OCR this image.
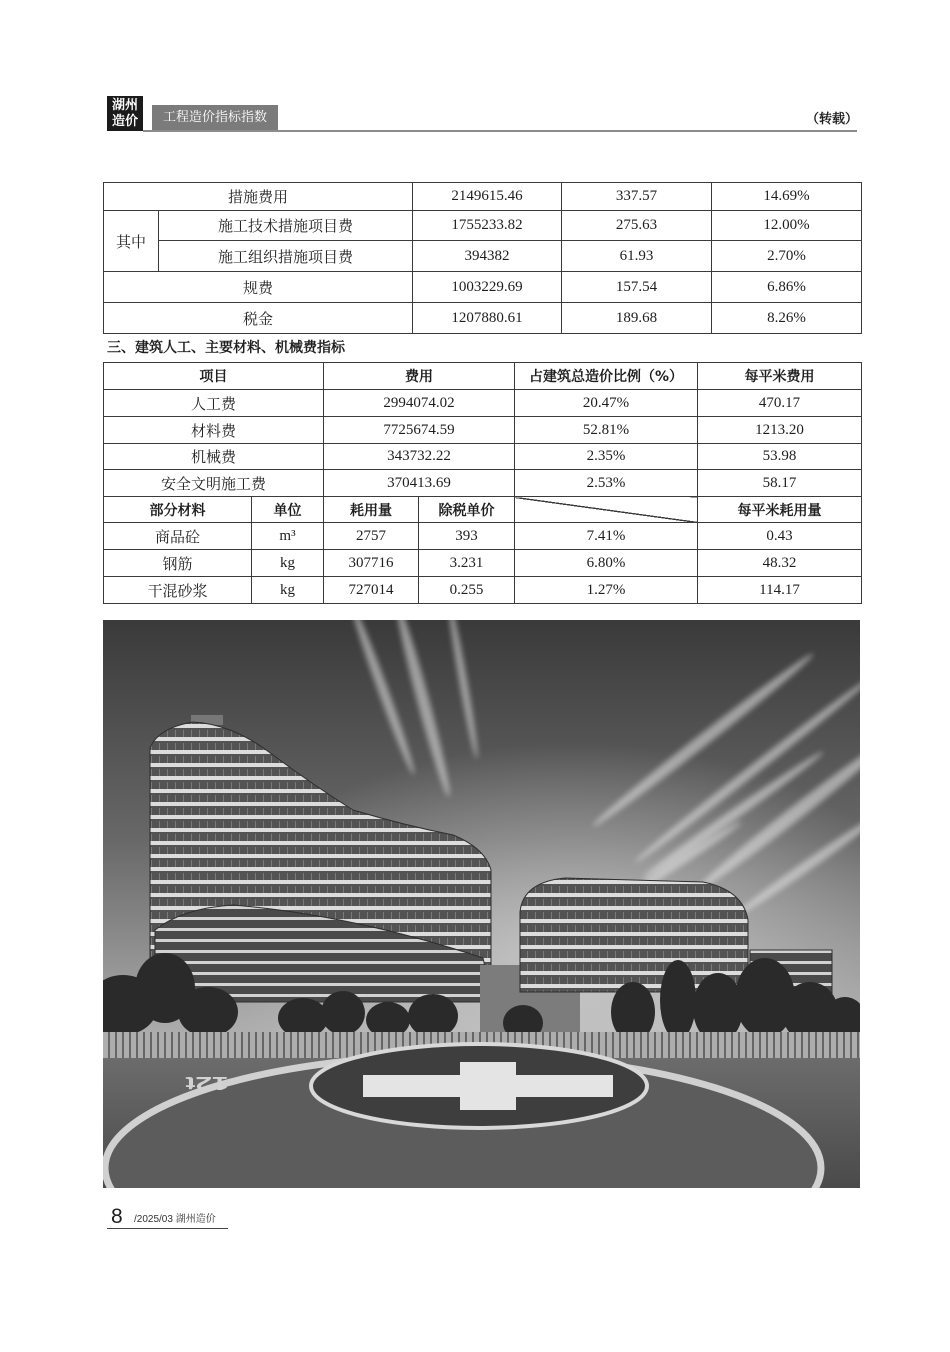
湖州
造价	工程造价指标指数	（转载）
措施费用		2149615.46	337.57	14.69%
其中	施工技术措施项目费	1755233.82	275.63	12.00%
	施工组织措施项目费	394382	61.93	2.70%
规费		1003229.69	157.54	6.86%
税金		1207880.61	189.68	8.26%
三、建筑人工、主要材料、机械费指标
项目		费用		占建筑总造价比例（%）	每平米费用
人工费		2994074.02		20.47%	470.17
材料费		7725674.59		52.81%	1213.20
机械费		343732.22		2.35%	53.98
安全文明施工费		370413.69		2.53%	58.17
部分材料	单位	耗用量	除税单价		每平米耗用量
商品砼	m³	2757	393	7.41%	0.43
钢筋	kg	307716	3.231	6.80%	48.32
干混砂浆	kg	727014	0.255	1.27%	114.17
12t
8 /2025/03 湖州造价
